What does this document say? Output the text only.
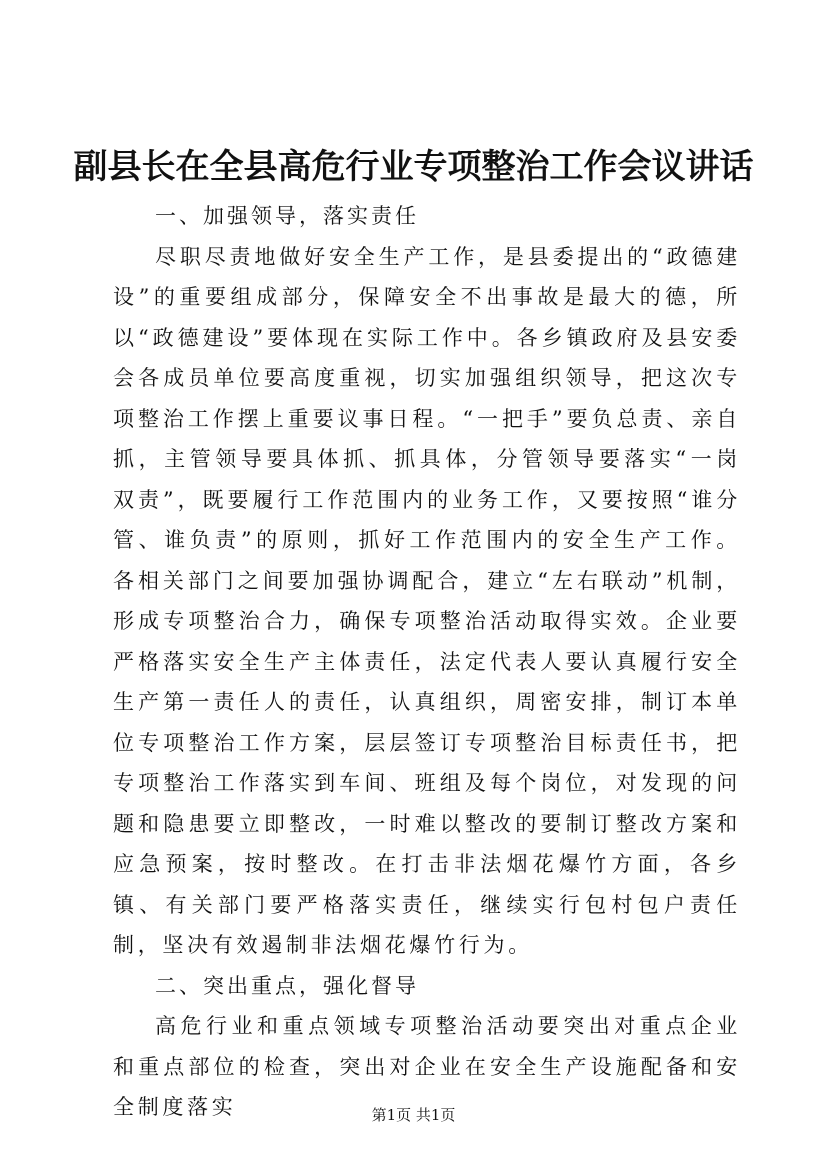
副县长在全县高危行业专项整治工作会议讲话

一、加强领导，落实责任

尽职尽责地做好安全生产工作，是县委提出的“政德建设”的重要组成部分，保障安全不出事故是最大的德，所以“政德建设”要体现在实际工作中。各乡镇政府及县安委会各成员单位要高度重视，切实加强组织领导，把这次专项整治工作摆上重要议事日程。“一把手”要负总责、亲自抓，主管领导要具体抓、抓具体，分管领导要落实“一岗双责”，既要履行工作范围内的业务工作，又要按照“谁分管、谁负责”的原则，抓好工作范围内的安全生产工作。各相关部门之间要加强协调配合，建立“左右联动”机制，形成专项整治合力，确保专项整治活动取得实效。企业要严格落实安全生产主体责任，法定代表人要认真履行安全生产第一责任人的责任，认真组织，周密安排，制订本单位专项整治工作方案，层层签订专项整治目标责任书，把专项整治工作落实到车间、班组及每个岗位，对发现的问题和隐患要立即整改，一时难以整改的要制订整改方案和应急预案，按时整改。在打击非法烟花爆竹方面，各乡镇、有关部门要严格落实责任，继续实行包村包户责任制，坚决有效遏制非法烟花爆竹行为。

二、突出重点，强化督导

高危行业和重点领域专项整治活动要突出对重点企业和重点部位的检查，突出对企业在安全生产设施配备和安全制度落实	第1页 共1页
